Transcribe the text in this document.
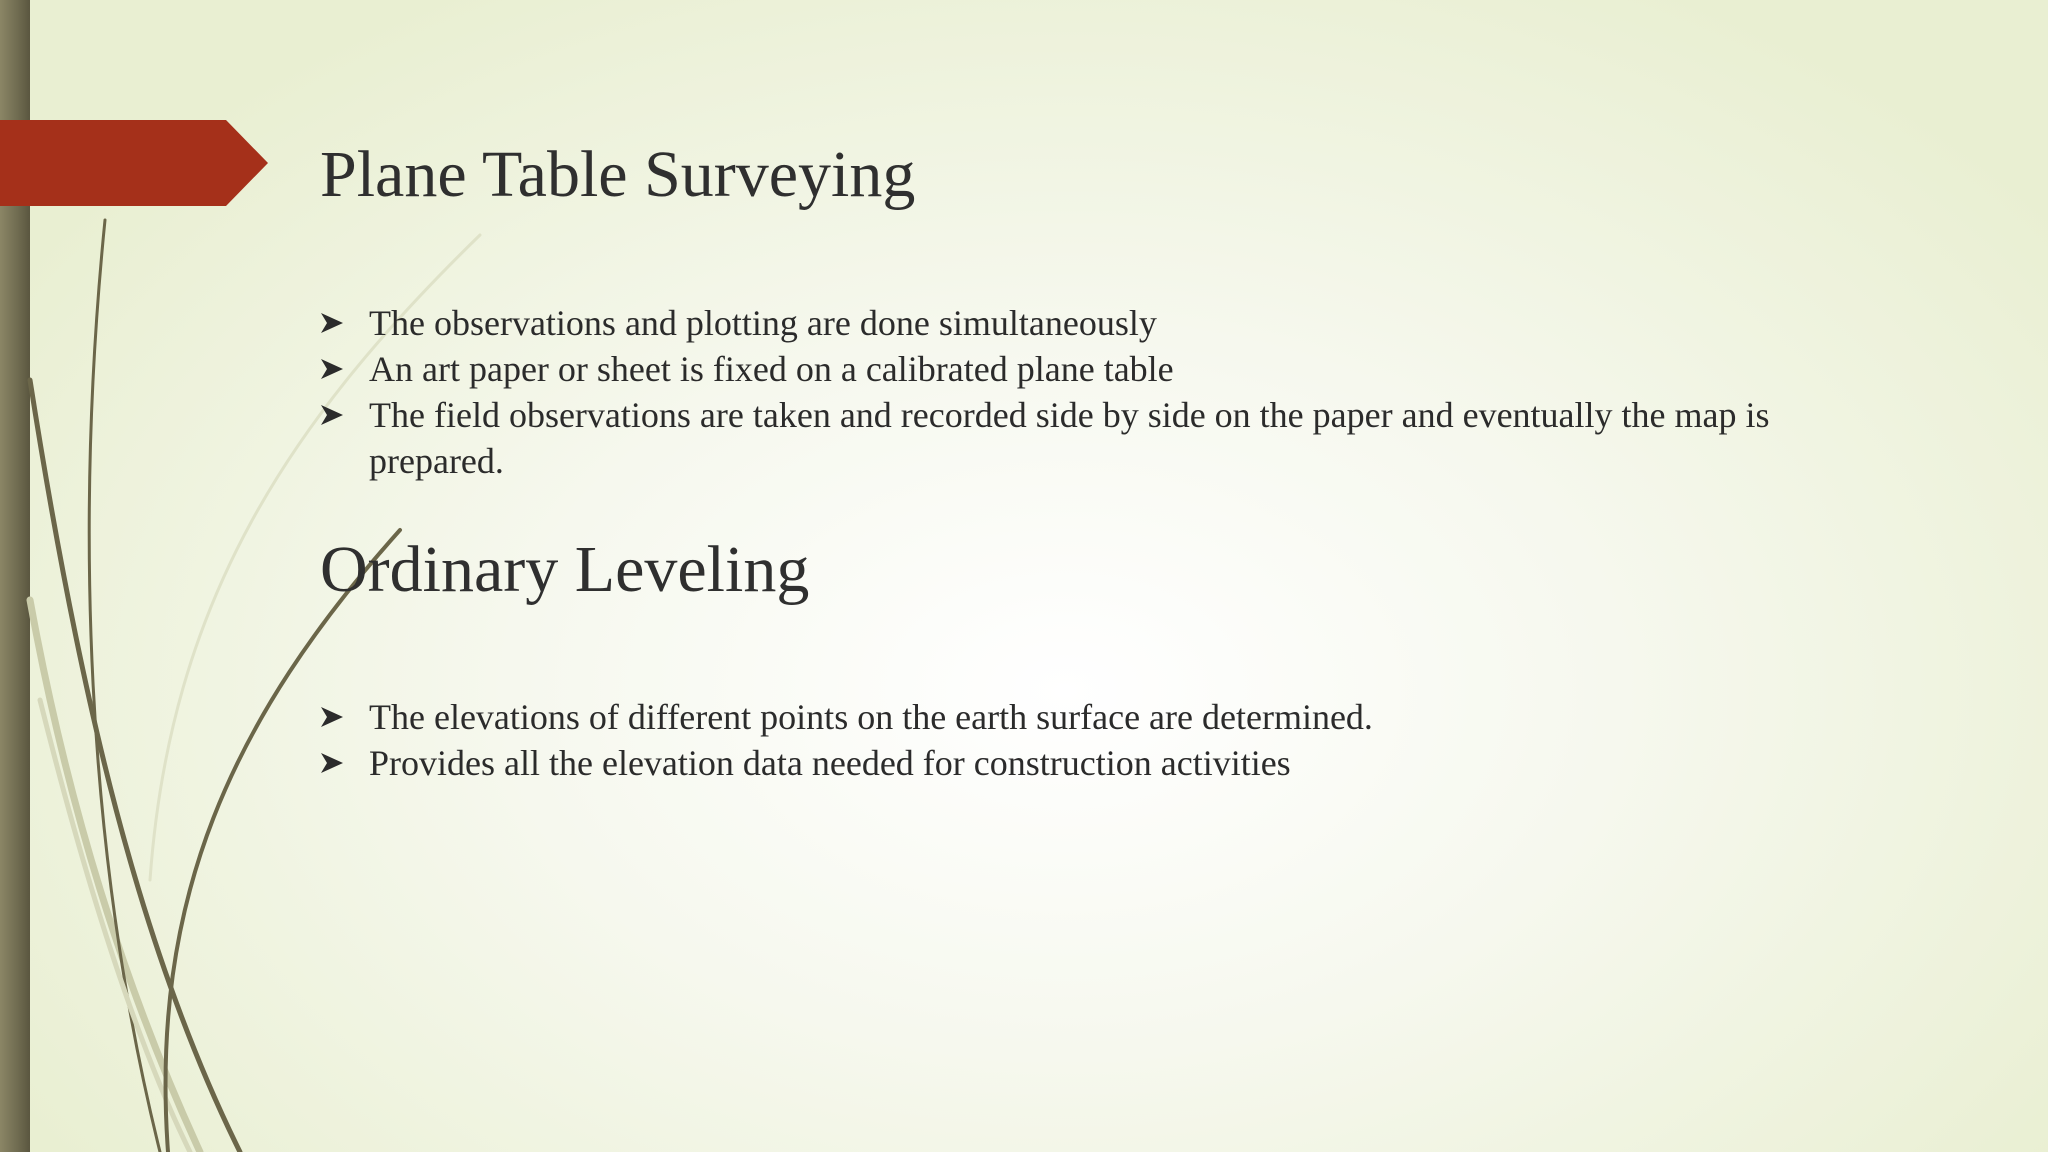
Plane Table Surveying
The observations and plotting are done simultaneously
An art paper or sheet is fixed on a calibrated plane table
The field observations are taken and recorded side by side on the paper and eventually the map is prepared.
Ordinary Leveling
The elevations of different points on the earth surface are determined.
Provides all the elevation data needed for construction activities
